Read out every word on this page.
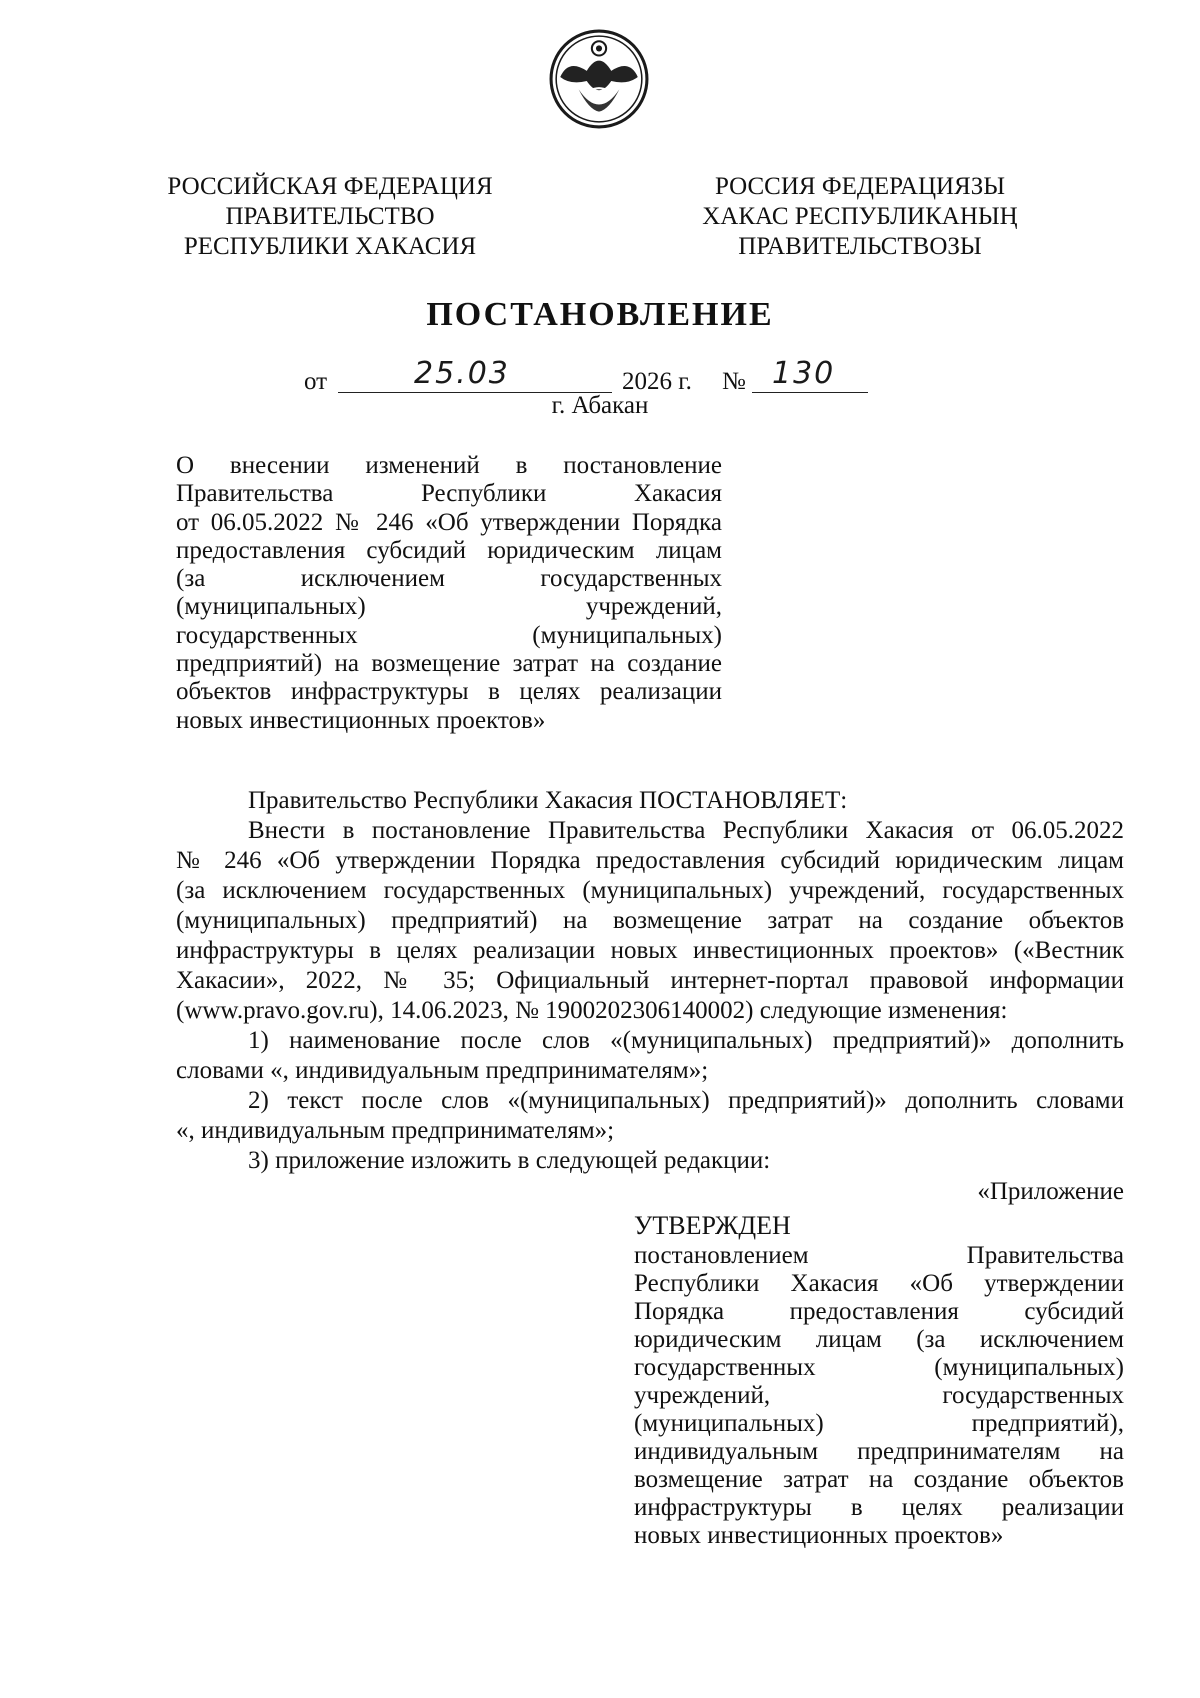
РОССИЙСКАЯ ФЕДЕРАЦИЯ
ПРАВИТЕЛЬСТВО
РЕСПУБЛИКИ ХАКАСИЯ
РОССИЯ ФЕДЕРАЦИЯЗЫ
ХАКАС РЕСПУБЛИКАНЫҢ
ПРАВИТЕЛЬСТВОЗЫ
ПОСТАНОВЛЕНИЕ
от	25.03	2026 г. № 130
г. Абакан
О внесении изменений в постановление
Правительства Республики Хакасия
от 06.05.2022 № 246 «Об утверждении Порядка
предоставления субсидий юридическим лицам
(за исключением государственных
(муниципальных) учреждений,
государственных (муниципальных)
предприятий) на возмещение затрат на создание
объектов инфраструктуры в целях реализации
новых инвестиционных проектов»
Правительство Республики Хакасия ПОСТАНОВЛЯЕТ:
Внести в постановление Правительства Республики Хакасия от 06.05.2022
№ 246 «Об утверждении Порядка предоставления субсидий юридическим лицам
(за исключением государственных (муниципальных) учреждений, государственных
(муниципальных) предприятий) на возмещение затрат на создание объектов
инфраструктуры в целях реализации новых инвестиционных проектов» («Вестник
Хакасии», 2022, № 35; Официальный интернет-портал правовой информации
(www.pravo.gov.ru), 14.06.2023, № 1900202306140002) следующие изменения:
1) наименование после слов «(муниципальных) предприятий)» дополнить
словами «, индивидуальным предпринимателям»;
2) текст после слов «(муниципальных) предприятий)» дополнить словами
«, индивидуальным предпринимателям»;
3) приложение изложить в следующей редакции:
«Приложение
УТВЕРЖДЕН
постановлением Правительства
Республики Хакасия «Об утверждении
Порядка предоставления субсидий
юридическим лицам (за исключением
государственных (муниципальных)
учреждений, государственных
(муниципальных) предприятий),
индивидуальным предпринимателям на
возмещение затрат на создание объектов
инфраструктуры в целях реализации
новых инвестиционных проектов»
